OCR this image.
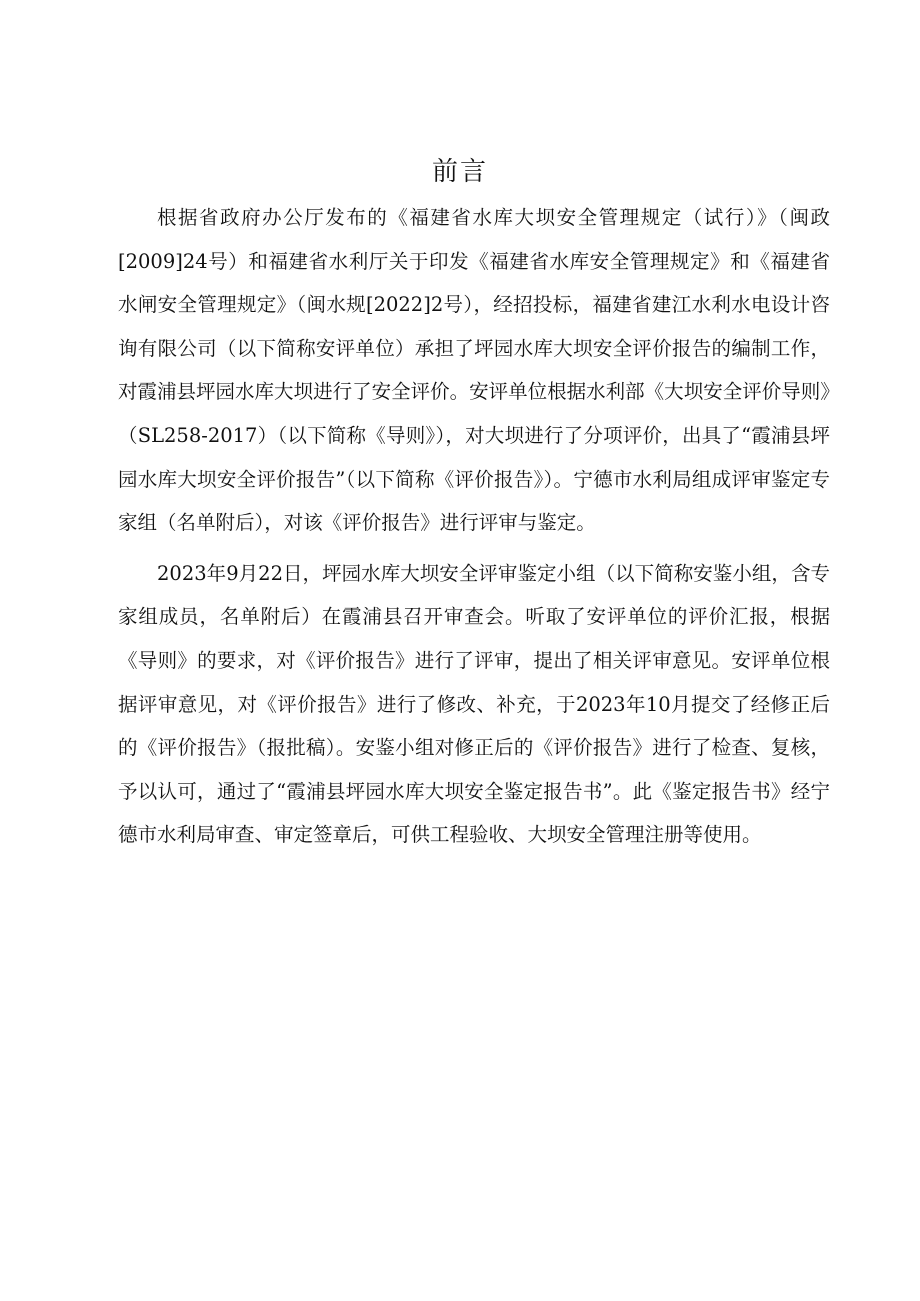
前言

根据省政府办公厅发布的《福建省水库大坝安全管理规定（试行）》（闽政[2009]24号）和福建省水利厅关于印发《福建省水库安全管理规定》和《福建省水闸安全管理规定》（闽水规[2022]2号），经招投标，福建省建江水利水电设计咨询有限公司（以下简称安评单位）承担了坪园水库大坝安全评价报告的编制工作，对霞浦县坪园水库大坝进行了安全评价。安评单位根据水利部《大坝安全评价导则》（SL258-2017）（以下简称《导则》），对大坝进行了分项评价，出具了“霞浦县坪园水库大坝安全评价报告”（以下简称《评价报告》）。宁德市水利局组成评审鉴定专家组（名单附后），对该《评价报告》进行评审与鉴定。

2023年9月22日，坪园水库大坝安全评审鉴定小组（以下简称安鉴小组，含专家组成员，名单附后）在霞浦县召开审查会。听取了安评单位的评价汇报，根据《导则》的要求，对《评价报告》进行了评审，提出了相关评审意见。安评单位根据评审意见，对《评价报告》进行了修改、补充，于2023年10月提交了经修正后的《评价报告》（报批稿）。安鉴小组对修正后的《评价报告》进行了检查、复核，予以认可，通过了“霞浦县坪园水库大坝安全鉴定报告书”。此《鉴定报告书》经宁德市水利局审查、审定签章后，可供工程验收、大坝安全管理注册等使用。
